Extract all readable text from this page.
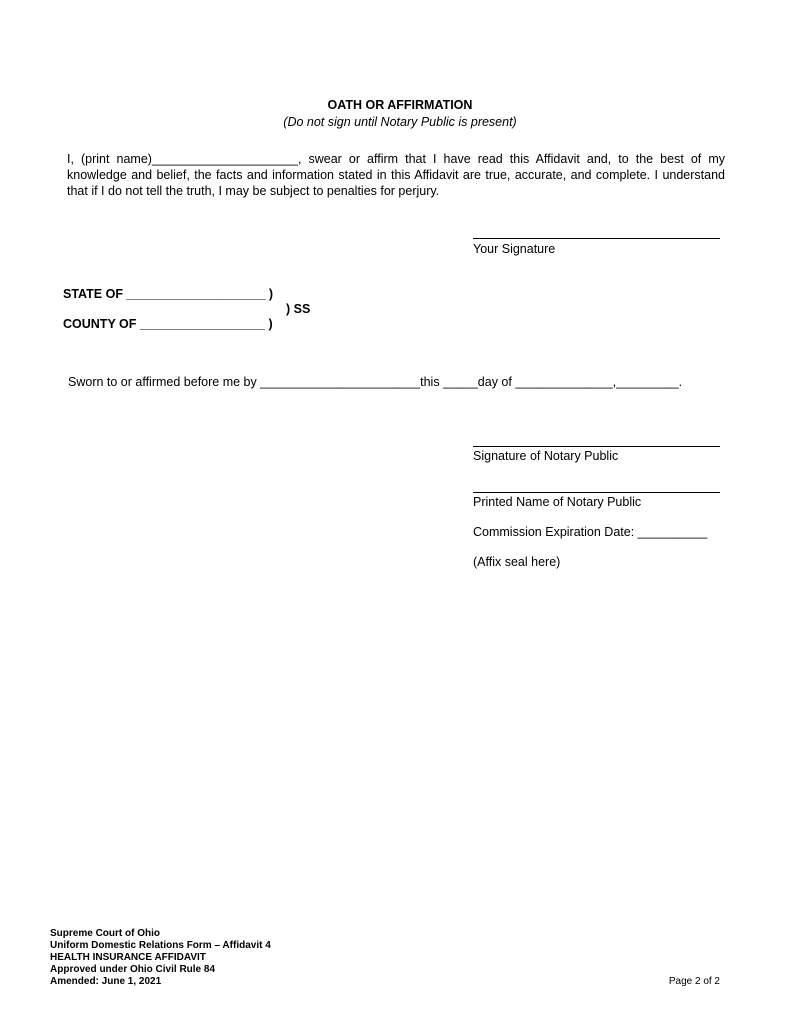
OATH OR AFFIRMATION
(Do not sign until Notary Public is present)
I, (print name)_____________________, swear or affirm that I have read this Affidavit and, to the best of my
knowledge and belief, the facts and information stated in this Affidavit are true, accurate, and complete. I understand
that if I do not tell the truth, I may be subject to penalties for perjury.
Your Signature
STATE OF ____________________ )
) SS
COUNTY OF __________________ )
Sworn to or affirmed before me by _______________________this _____day of ______________,_________.
Signature of Notary Public
Printed Name of Notary Public
Commission Expiration Date: __________
(Affix seal here)
Supreme Court of Ohio
Uniform Domestic Relations Form – Affidavit 4
HEALTH INSURANCE AFFIDAVIT
Approved under Ohio Civil Rule 84
Amended: June 1, 2021	Page 2 of 2
